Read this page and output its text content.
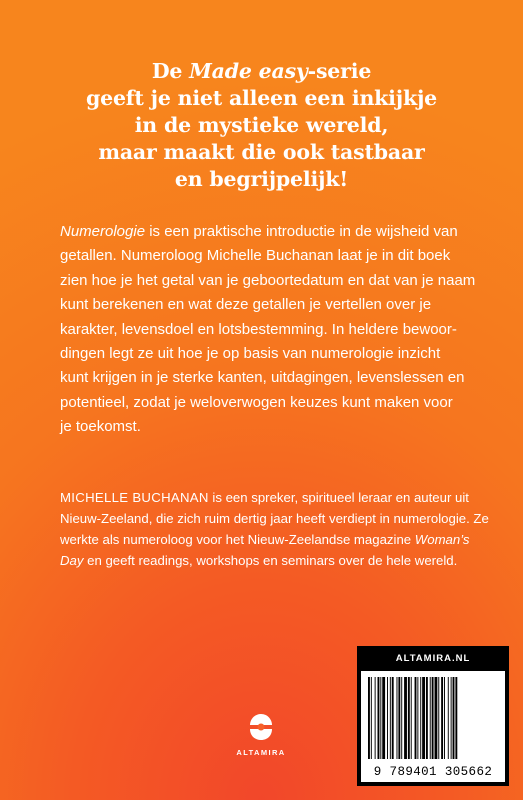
De Made easy-serie
geeft je niet alleen een inkijkje
in de mystieke wereld,
maar maakt die ook tastbaar
en begrijpelijk!
Numerologie is een praktische introductie in de wijsheid van
getallen. Numeroloog Michelle Buchanan laat je in dit boek
zien hoe je het getal van je geboortedatum en dat van je naam
kunt berekenen en wat deze getallen je vertellen over je
karakter, levensdoel en lotsbestemming. In heldere bewoor-
dingen legt ze uit hoe je op basis van numerologie inzicht
kunt krijgen in je sterke kanten, uitdagingen, levenslessen en
potentieel, zodat je weloverwogen keuzes kunt maken voor
je toekomst.
MICHELLE BUCHANAN is een spreker, spiritueel leraar en auteur uit
Nieuw-Zeeland, die zich ruim dertig jaar heeft verdiept in numerologie. Ze
werkte als numeroloog voor het Nieuw-Zeelandse magazine Woman’s
Day en geeft readings, workshops en seminars over de hele wereld.
ALTAMIRA
ALTAMIRA.NL
9 789401 305662
